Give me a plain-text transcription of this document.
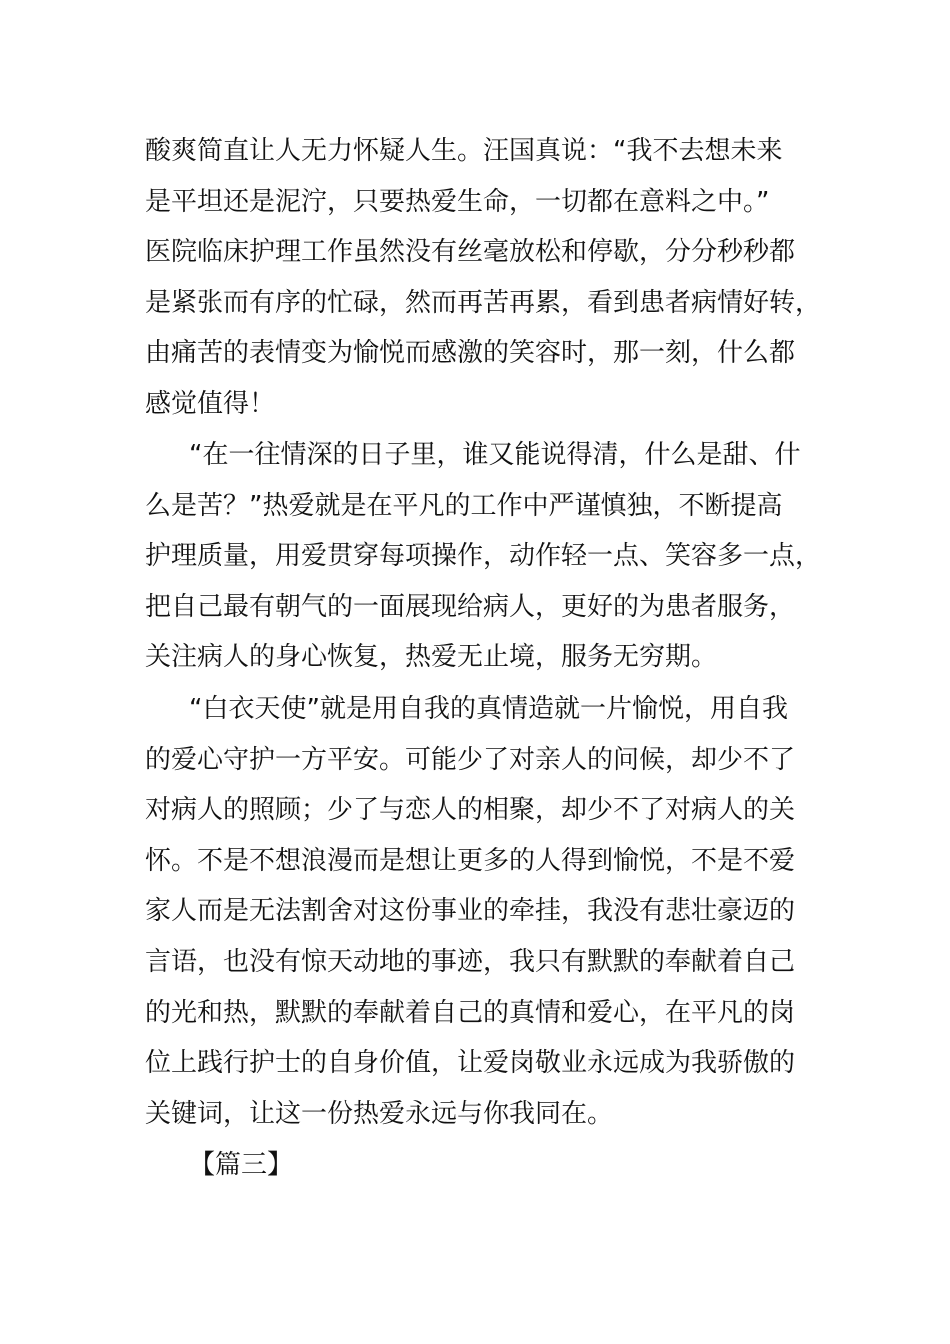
酸爽简直让人无力怀疑人生。汪国真说：“我不去想未来
是平坦还是泥泞，只要热爱生命，一切都在意料之中。”
医院临床护理工作虽然没有丝毫放松和停歇，分分秒秒都
是紧张而有序的忙碌，然而再苦再累，看到患者病情好转，
由痛苦的表情变为愉悦而感激的笑容时，那一刻，什么都
感觉值得！
“在一往情深的日子里，谁又能说得清，什么是甜、什
么是苦？”热爱就是在平凡的工作中严谨慎独，不断提高
护理质量，用爱贯穿每项操作，动作轻一点、笑容多一点，
把自己最有朝气的一面展现给病人，更好的为患者服务，
关注病人的身心恢复，热爱无止境，服务无穷期。
“白衣天使”就是用自我的真情造就一片愉悦，用自我
的爱心守护一方平安。可能少了对亲人的问候，却少不了
对病人的照顾；少了与恋人的相聚，却少不了对病人的关
怀。不是不想浪漫而是想让更多的人得到愉悦，不是不爱
家人而是无法割舍对这份事业的牵挂，我没有悲壮豪迈的
言语，也没有惊天动地的事迹，我只有默默的奉献着自己
的光和热，默默的奉献着自己的真情和爱心，在平凡的岗
位上践行护士的自身价值，让爱岗敬业永远成为我骄傲的
关键词，让这一份热爱永远与你我同在。
【篇三】
